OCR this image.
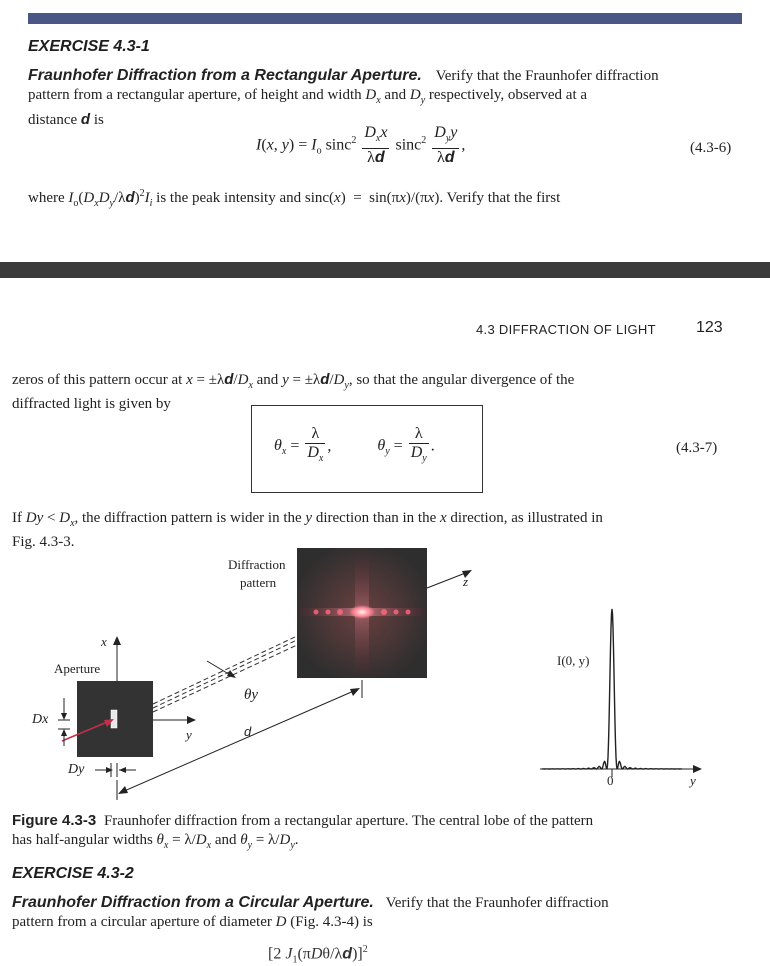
EXERCISE 4.3-1
Fraunhofer Diffraction from a Rectangular Aperture. Verify that the Fraunhofer diffraction
pattern from a rectangular aperture, of height and width $D_x$ and $D_y$ respectively, observed at a
distance d is
I(x, $y) = I_o$ $\sin c^2 \frac{D_xx}{\lambda d} \sin c^2 \frac{D_yy}{\lambda d}$ ,	(4.3-6)
where $I_o(D_xD_y/\lambda d)^2I_i$ is the peak intensity and sinc(x)  =  sin(πx)/(πx). Verify that the first
4.3 DIFFRACTION OF LIGHT	123
zeros of this pattern occur at $x = \pm\lambda d/D_x$ and $y = \pm\lambda d/D_y$, so that the angular divergence of the
diffracted light is given by
$\theta_x = \frac{\lambda}{D_x}$ ,	$\theta_y = \frac{\lambda}{D_y}$ .	(4.3-7)
If $Dy < D_x$, the diffraction pattern is wider in the y direction than in the x direction, as illustrated in
Fig. 4.3-3.
Diffraction
pattern	z
x
Aperture
Dx
Dy
y
θy
d
I(0, y)
0	y
Figure 4.3-3 Fraunhofer diffraction from a rectangular aperture. The central lobe of the pattern
has half-angular widths $\theta_x = \lambda/D_x$ and $\theta_y = \lambda/D_y$.
EXERCISE 4.3-2
Fraunhofer Diffraction from a Circular Aperture. Verify that the Fraunhofer diffraction
pattern from a circular aperture of diameter D (Fig. 4.3-4) is
[2 $J_1(\pi D\theta/\lambda d)]^2$
